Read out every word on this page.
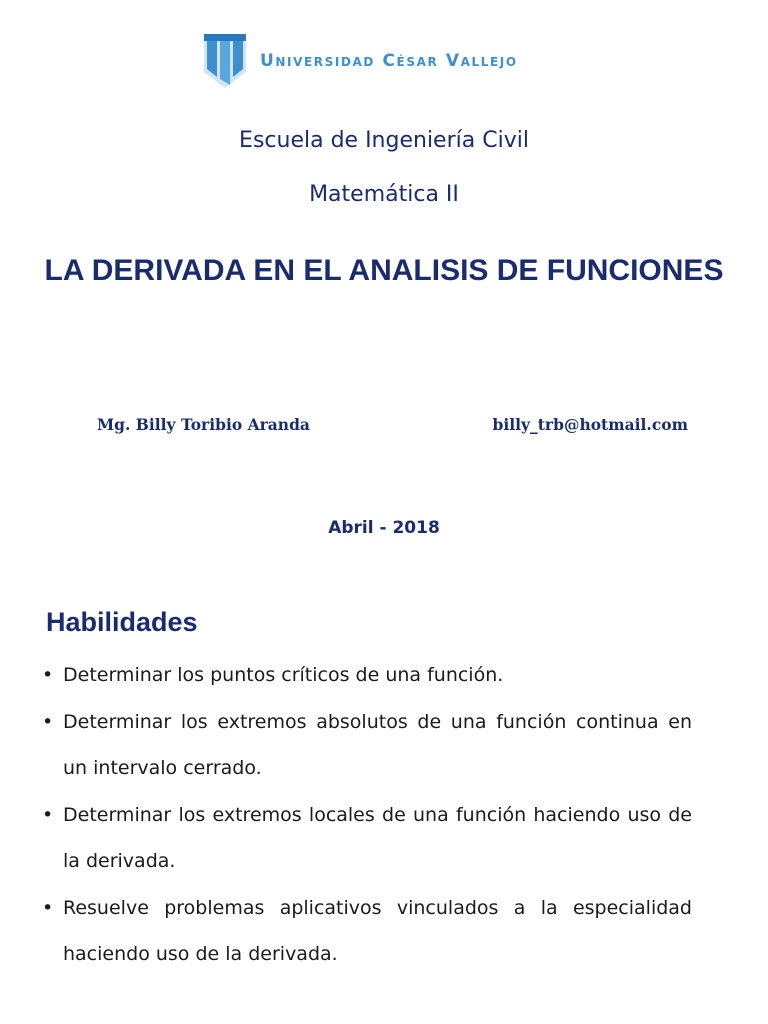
Universidad César Vallejo
Escuela de Ingeniería Civil
Matemática II
LA DERIVADA EN EL ANALISIS DE FUNCIONES
Mg. Billy Toribio Aranda	billy_trb@hotmail.com
Abril - 2018
Habilidades
• Determinar los puntos críticos de una función.
• Determinar los extremos absolutos de una función continua en un intervalo cerrado.
• Determinar los extremos locales de una función haciendo uso de la derivada.
• Resuelve problemas aplicativos vinculados a la especialidad haciendo uso de la derivada.
